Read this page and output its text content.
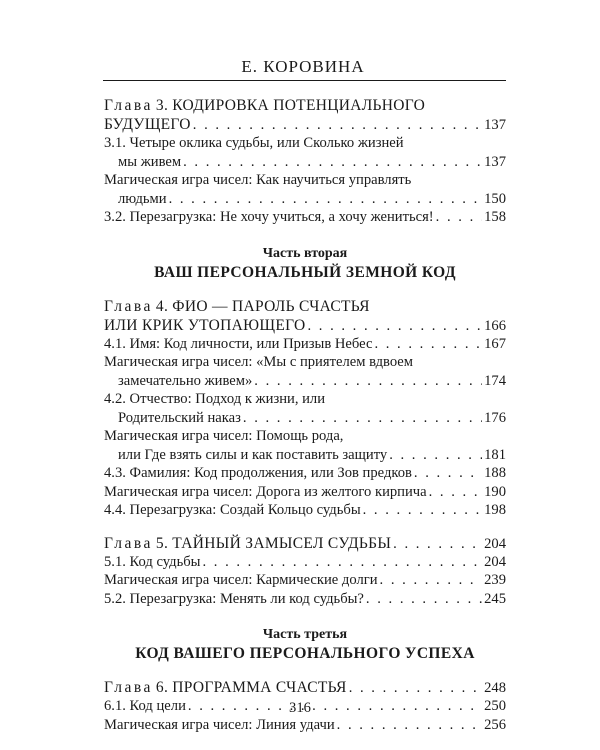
Е. КОРОВИНА
Глава 3. КОДИРОВКА ПОТЕНЦИАЛЬНОГО
БУДУЩЕГО . . .	137
3.1. Четыре оклика судьбы, или Сколько жизней
мы живем . . .	137
Магическая игра чисел: Как научиться управлять
людьми . . .	150
3.2. Перезагрузка: Не хочу учиться, а хочу жениться! . . .	158
Часть вторая
ВАШ ПЕРСОНАЛЬНЫЙ ЗЕМНОЙ КОД
Глава 4. ФИО — ПАРОЛЬ СЧАСТЬЯ
ИЛИ КРИК УТОПАЮЩЕГО . . .	166
4.1. Имя: Код личности, или Призыв Небес . . .	167
Магическая игра чисел: «Мы с приятелем вдвоем
замечательно живем» . . .	174
4.2. Отчество: Подход к жизни, или
Родительский наказ . . .	176
Магическая игра чисел: Помощь рода,
или Где взять силы и как поставить защиту . . .	181
4.3. Фамилия: Код продолжения, или Зов предков . . .	188
Магическая игра чисел: Дорога из желтого кирпича . . .	190
4.4. Перезагрузка: Создай Кольцо судьбы . . .	198
Глава 5. ТАЙНЫЙ ЗАМЫСЕЛ СУДЬБЫ . . .	204
5.1. Код судьбы . . .	204
Магическая игра чисел: Кармические долги . . .	239
5.2. Перезагрузка: Менять ли код судьбы? . . .	245
Часть третья
КОД ВАШЕГО ПЕРСОНАЛЬНОГО УСПЕХА
Глава 6. ПРОГРАММА СЧАСТЬЯ . . .	248
6.1. Код цели . . .	250
Магическая игра чисел: Линия удачи . . .	256
316
